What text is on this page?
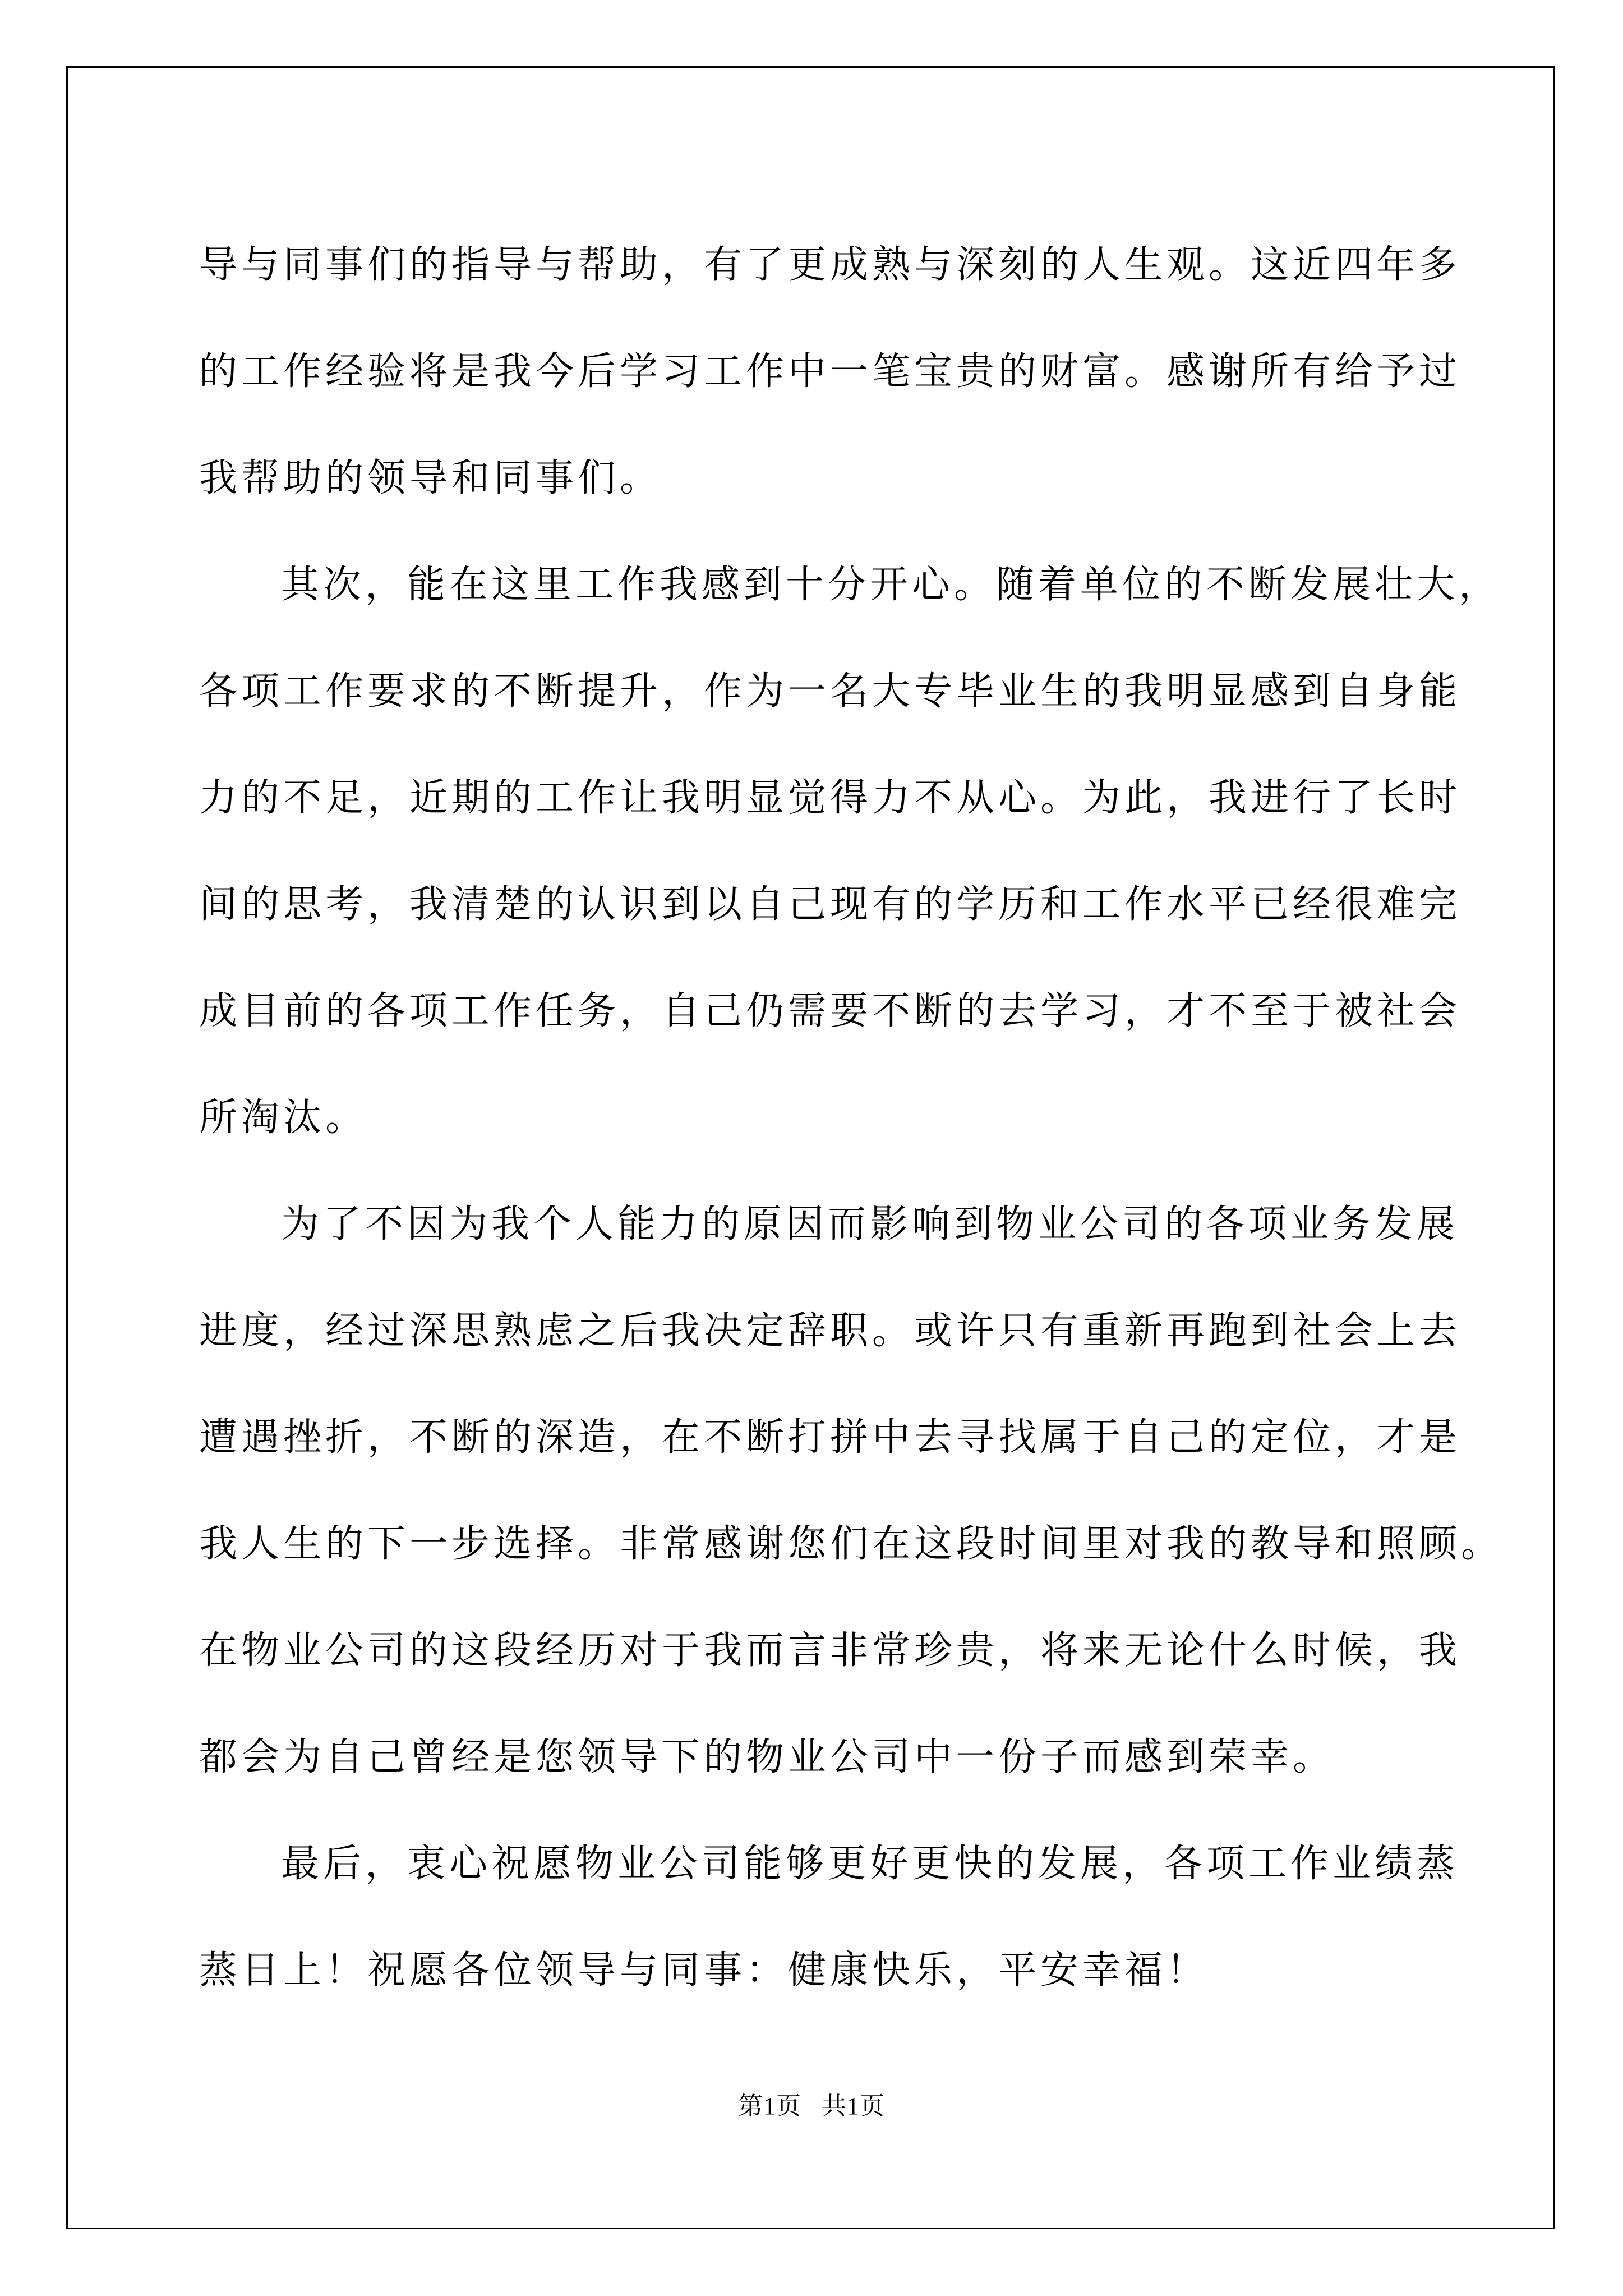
导与同事们的指导与帮助，有了更成熟与深刻的人生观。这近四年多
的工作经验将是我今后学习工作中一笔宝贵的财富。感谢所有给予过
我帮助的领导和同事们。
其次，能在这里工作我感到十分开心。随着单位的不断发展壮大，
各项工作要求的不断提升，作为一名大专毕业生的我明显感到自身能
力的不足，近期的工作让我明显觉得力不从心。为此，我进行了长时
间的思考，我清楚的认识到以自己现有的学历和工作水平已经很难完
成目前的各项工作任务，自己仍需要不断的去学习，才不至于被社会
所淘汰。
为了不因为我个人能力的原因而影响到物业公司的各项业务发展
进度，经过深思熟虑之后我决定辞职。或许只有重新再跑到社会上去
遭遇挫折，不断的深造，在不断打拼中去寻找属于自己的定位，才是
我人生的下一步选择。非常感谢您们在这段时间里对我的教导和照顾。
在物业公司的这段经历对于我而言非常珍贵，将来无论什么时候，我
都会为自己曾经是您领导下的物业公司中一份子而感到荣幸。
最后，衷心祝愿物业公司能够更好更快的发展，各项工作业绩蒸
蒸日上！祝愿各位领导与同事：健康快乐，平安幸福！
第1页 共1页
